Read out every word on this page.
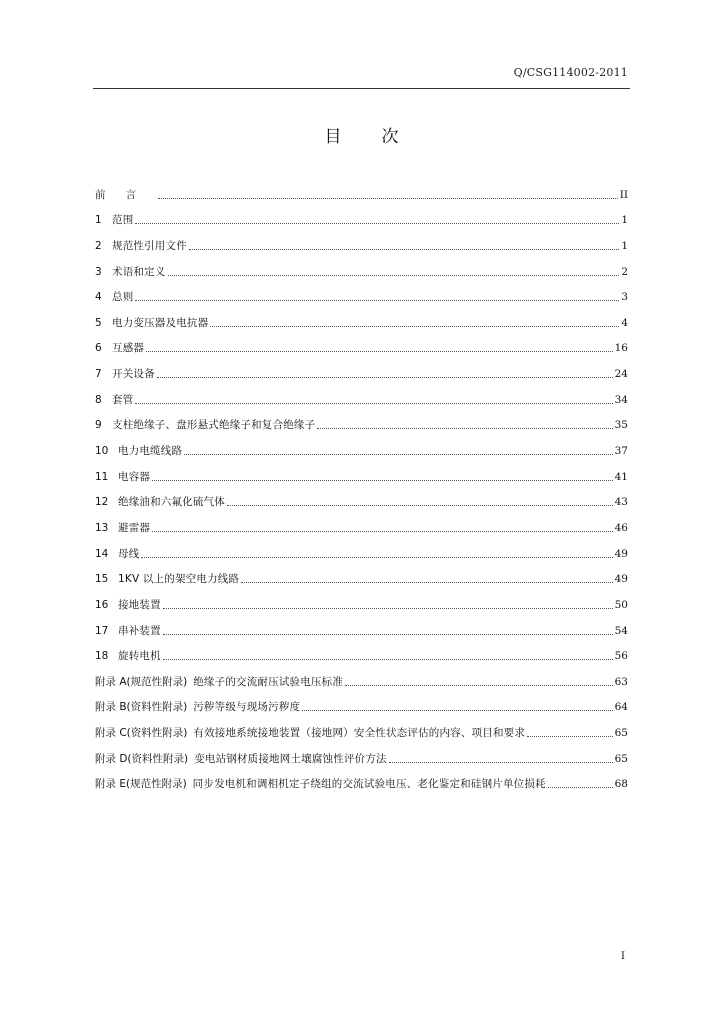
Q/CSG114002-2011
目次
前言	II
1 范围	1
2 规范性引用文件	1
3 术语和定义	2
4 总则	3
5 电力变压器及电抗器	4
6 互感器	16
7 开关设备	24
8 套管	34
9 支柱绝缘子、盘形悬式绝缘子和复合绝缘子	35
10 电力电缆线路	37
11 电容器	41
12 绝缘油和六氟化硫气体	43
13 避雷器	46
14 母线	49
15 1KV 以上的架空电力线路	49
16 接地装置	50
17 串补装置	54
18 旋转电机	56
附录 A(规范性附录) 绝缘子的交流耐压试验电压标准	63
附录 B(资料性附录) 污秽等级与现场污秽度	64
附录 C(资料性附录) 有效接地系统接地装置（接地网）安全性状态评估的内容、项目和要求	65
附录 D(资料性附录) 变电站钢材质接地网土壤腐蚀性评价方法	65
附录 E(规范性附录) 同步发电机和调相机定子绕组的交流试验电压、老化鉴定和硅钢片单位损耗	68
I
